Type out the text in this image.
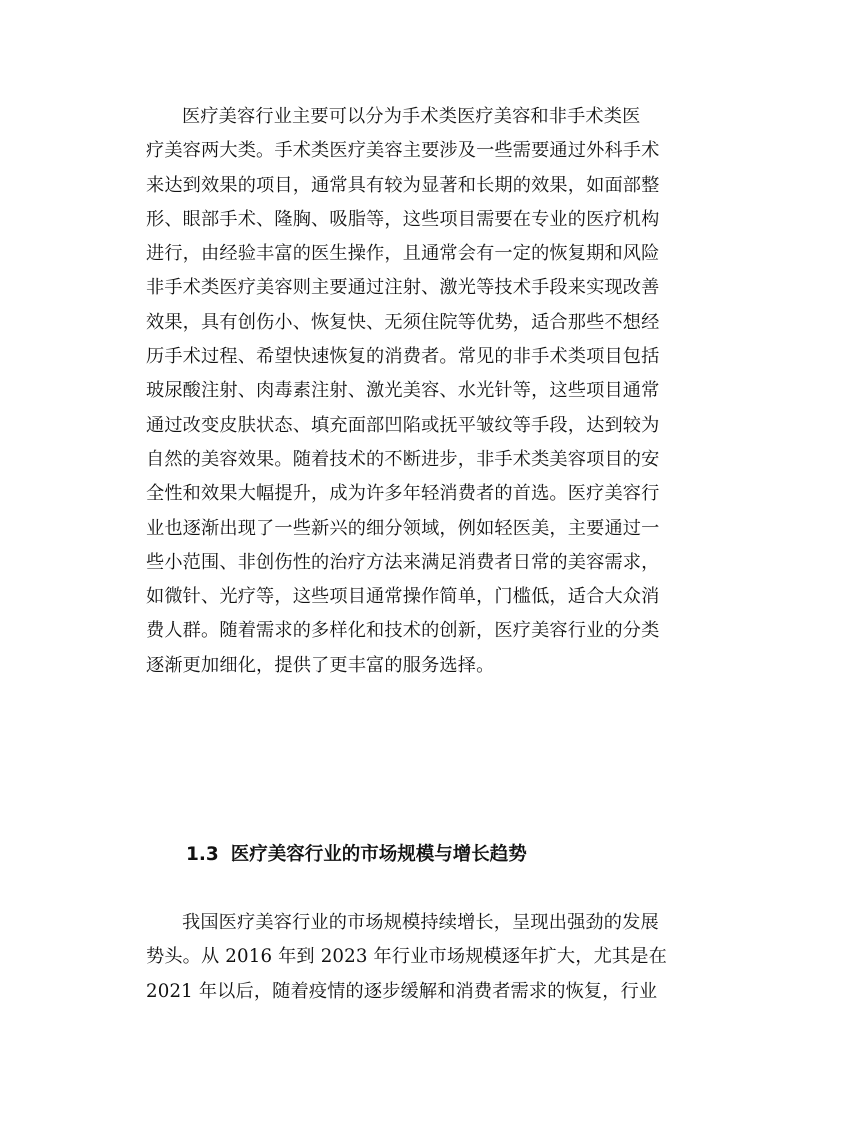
医疗美容行业主要可以分为手术类医疗美容和非手术类医
疗美容两大类。手术类医疗美容主要涉及一些需要通过外科手术
来达到效果的项目，通常具有较为显著和长期的效果，如面部整
形、眼部手术、隆胸、吸脂等，这些项目需要在专业的医疗机构
进行，由经验丰富的医生操作，且通常会有一定的恢复期和风险
非手术类医疗美容则主要通过注射、激光等技术手段来实现改善
效果，具有创伤小、恢复快、无须住院等优势，适合那些不想经
历手术过程、希望快速恢复的消费者。常见的非手术类项目包括
玻尿酸注射、肉毒素注射、激光美容、水光针等，这些项目通常
通过改变皮肤状态、填充面部凹陷或抚平皱纹等手段，达到较为
自然的美容效果。随着技术的不断进步，非手术类美容项目的安
全性和效果大幅提升，成为许多年轻消费者的首选。医疗美容行
业也逐渐出现了一些新兴的细分领域，例如轻医美，主要通过一
些小范围、非创伤性的治疗方法来满足消费者日常的美容需求，
如微针、光疗等，这些项目通常操作简单，门槛低，适合大众消
费人群。随着需求的多样化和技术的创新，医疗美容行业的分类
逐渐更加细化，提供了更丰富的服务选择。

1.3 医疗美容行业的市场规模与增长趋势

我国医疗美容行业的市场规模持续增长，呈现出强劲的发展
势头。从 2016 年到 2023 年行业市场规模逐年扩大，尤其是在
2021 年以后，随着疫情的逐步缓解和消费者需求的恢复，行业
